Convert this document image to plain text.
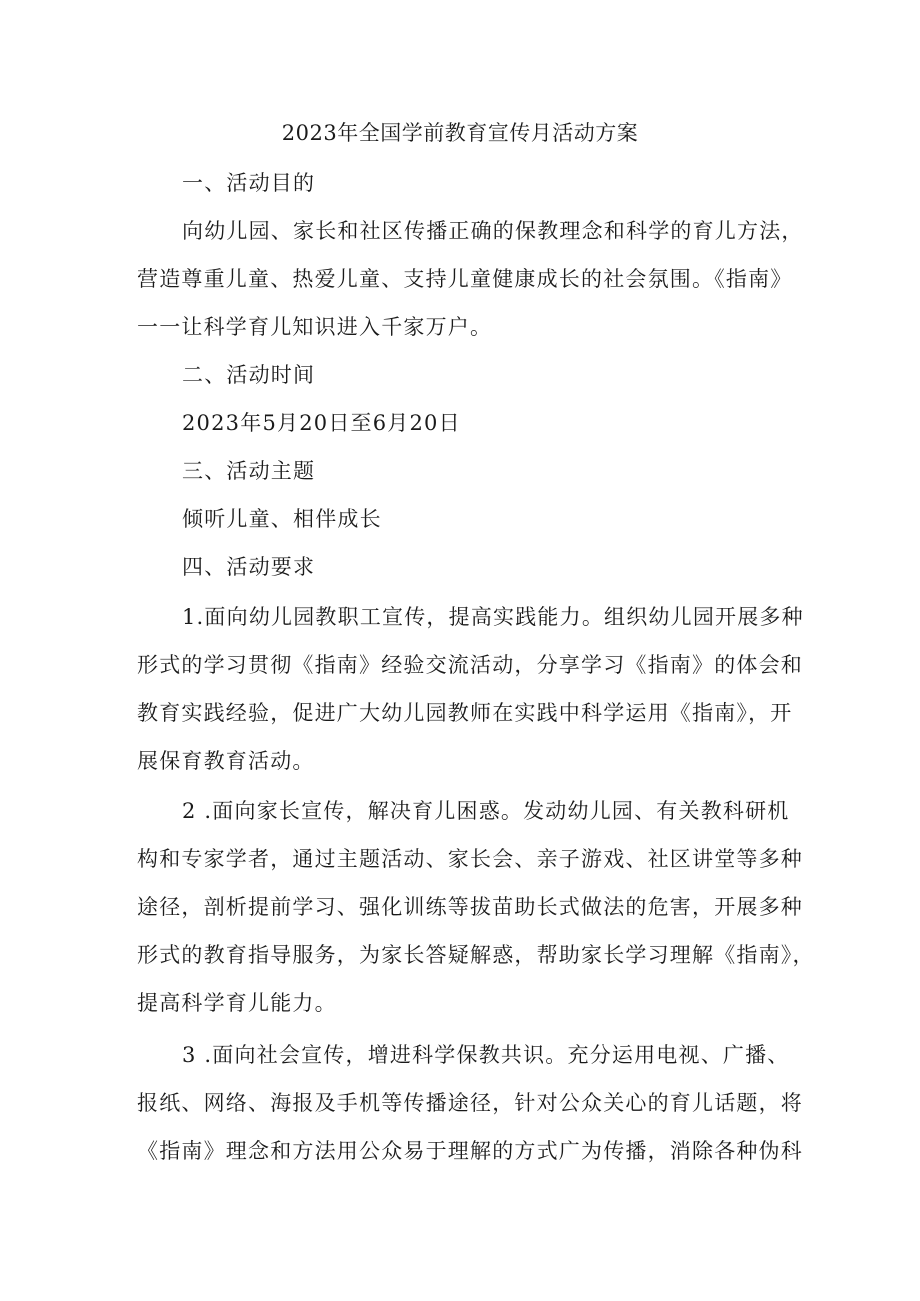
2023年全国学前教育宣传月活动方案
一、活动目的
向幼儿园、家长和社区传播正确的保教理念和科学的育儿方法，
营造尊重儿童、热爱儿童、支持儿童健康成长的社会氛围。《指南》
一一让科学育儿知识进入千家万户。
二、活动时间
2023年5月20日至6月20日
三、活动主题
倾听儿童、相伴成长
四、活动要求
1.面向幼儿园教职工宣传，提高实践能力。组织幼儿园开展多种
形式的学习贯彻《指南》经验交流活动，分享学习《指南》的体会和
教育实践经验，促进广大幼儿园教师在实践中科学运用《指南》，开
展保育教育活动。
2 .面向家长宣传，解决育儿困惑。发动幼儿园、有关教科研机
构和专家学者，通过主题活动、家长会、亲子游戏、社区讲堂等多种
途径，剖析提前学习、强化训练等拔苗助长式做法的危害，开展多种
形式的教育指导服务，为家长答疑解惑，帮助家长学习理解《指南》，
提高科学育儿能力。
3 .面向社会宣传，增进科学保教共识。充分运用电视、广播、
报纸、网络、海报及手机等传播途径，针对公众关心的育儿话题，将
《指南》理念和方法用公众易于理解的方式广为传播，消除各种伪科
